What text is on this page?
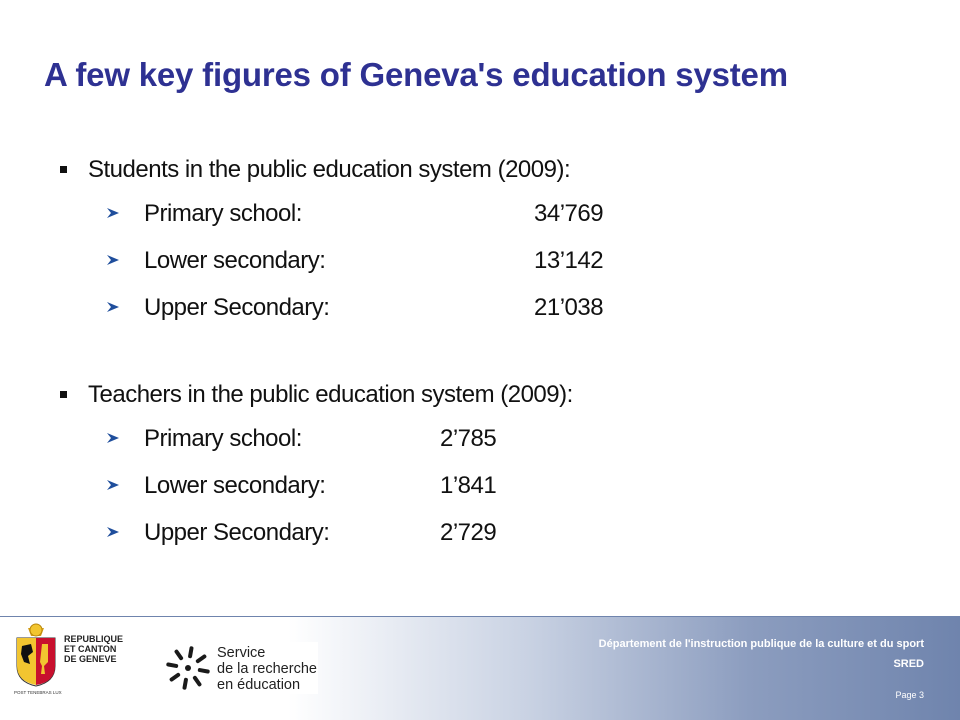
A few key figures of Geneva's education system
Students in the public education system (2009):
Primary school:	34’769
Lower secondary:	13’142
Upper Secondary:	21’038
Teachers in the public education system (2009):
Primary school:	2’785
Lower secondary:	1’841
Upper Secondary:	2’729
REPUBLIQUE
ET CANTON
DE GENEVE
POST TENEBRAS LUX
Service
de la recherche
en éducation
Département de l'instruction publique de la culture et du sport
SRED
Page 3
